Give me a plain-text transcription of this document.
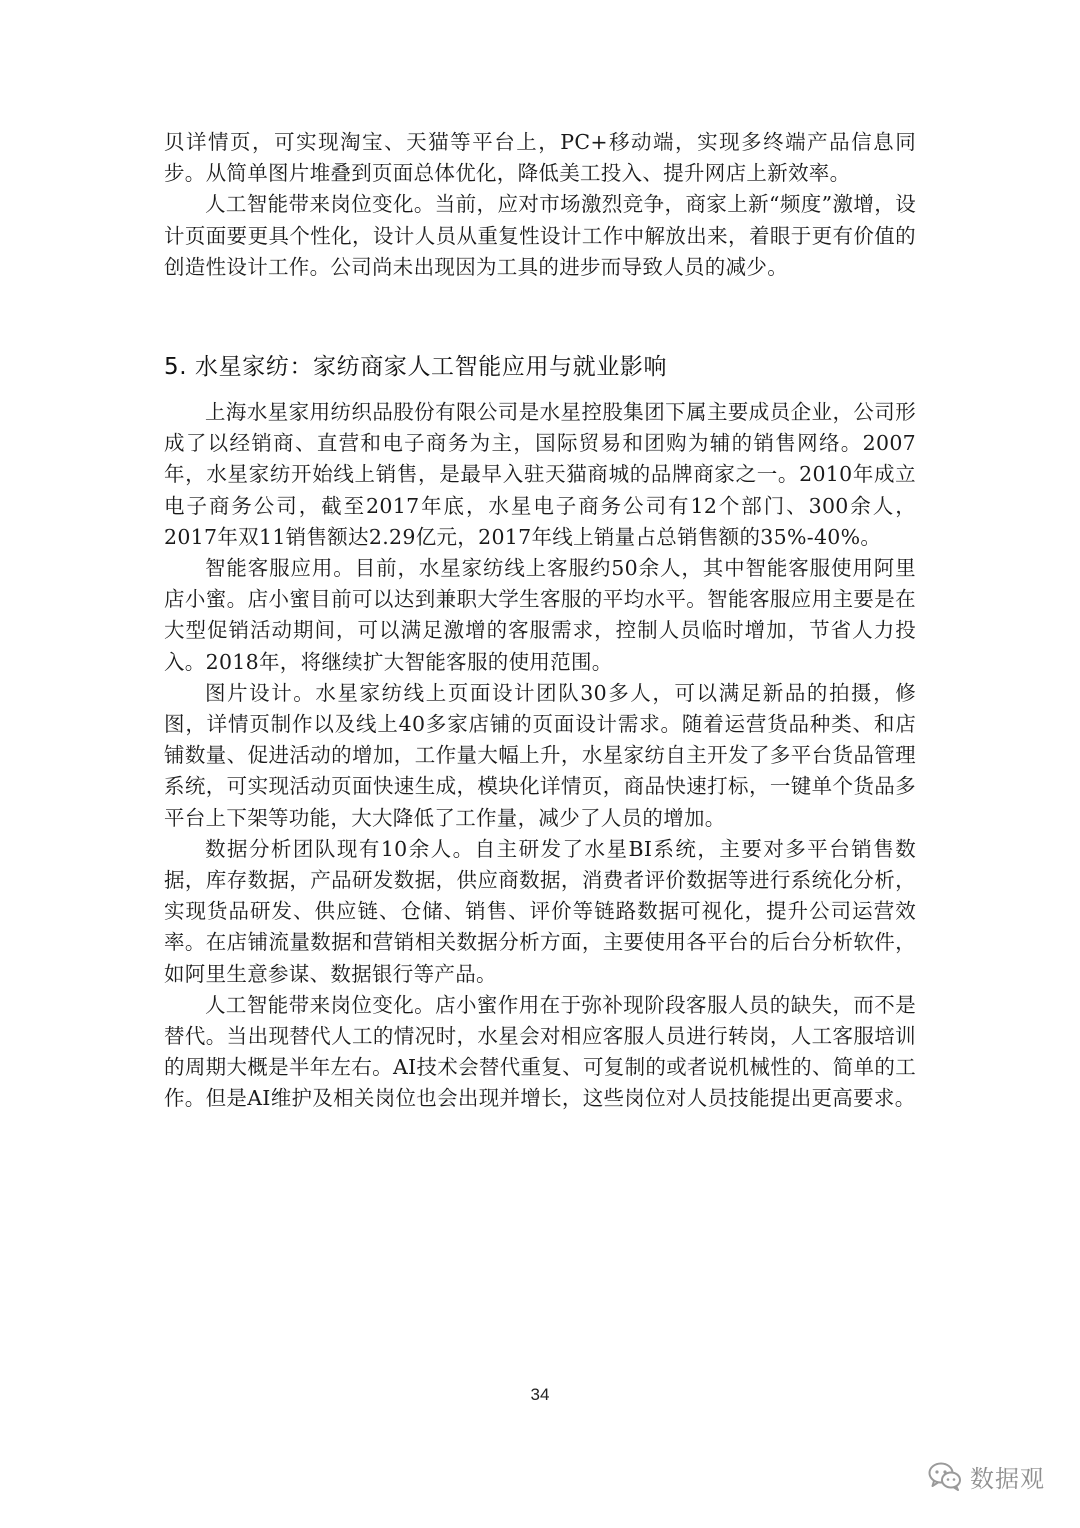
贝详情页，可实现淘宝、天猫等平台上，PC+移动端，实现多终端产品信息同步。从简单图片堆叠到页面总体优化，降低美工投入、提升网店上新效率。

人工智能带来岗位变化。当前，应对市场激烈竞争，商家上新“频度”激增，设计页面要更具个性化，设计人员从重复性设计工作中解放出来，着眼于更有价值的创造性设计工作。公司尚未出现因为工具的进步而导致人员的减少。

5. 水星家纺：家纺商家人工智能应用与就业影响

上海水星家用纺织品股份有限公司是水星控股集团下属主要成员企业，公司形成了以经销商、直营和电子商务为主，国际贸易和团购为辅的销售网络。2007年，水星家纺开始线上销售，是最早入驻天猫商城的品牌商家之一。2010年成立电子商务公司，截至2017年底，水星电子商务公司有12个部门、300余人，2017年双11销售额达2.29亿元，2017年线上销量占总销售额的35%-40%。

智能客服应用。目前，水星家纺线上客服约50余人，其中智能客服使用阿里店小蜜。店小蜜目前可以达到兼职大学生客服的平均水平。智能客服应用主要是在大型促销活动期间，可以满足激增的客服需求，控制人员临时增加，节省人力投入。2018年，将继续扩大智能客服的使用范围。

图片设计。水星家纺线上页面设计团队30多人，可以满足新品的拍摄，修图，详情页制作以及线上40多家店铺的页面设计需求。随着运营货品种类、和店铺数量、促进活动的增加，工作量大幅上升，水星家纺自主开发了多平台货品管理系统，可实现活动页面快速生成，模块化详情页，商品快速打标，一键单个货品多平台上下架等功能，大大降低了工作量，减少了人员的增加。

数据分析团队现有10余人。自主研发了水星BI系统，主要对多平台销售数据，库存数据，产品研发数据，供应商数据，消费者评价数据等进行系统化分析，实现货品研发、供应链、仓储、销售、评价等链路数据可视化，提升公司运营效率。在店铺流量数据和营销相关数据分析方面，主要使用各平台的后台分析软件，如阿里生意参谋、数据银行等产品。

人工智能带来岗位变化。店小蜜作用在于弥补现阶段客服人员的缺失，而不是替代。当出现替代人工的情况时，水星会对相应客服人员进行转岗，人工客服培训的周期大概是半年左右。AI技术会替代重复、可复制的或者说机械性的、简单的工作。但是AI维护及相关岗位也会出现并增长，这些岗位对人员技能提出更高要求。

34
数据观
